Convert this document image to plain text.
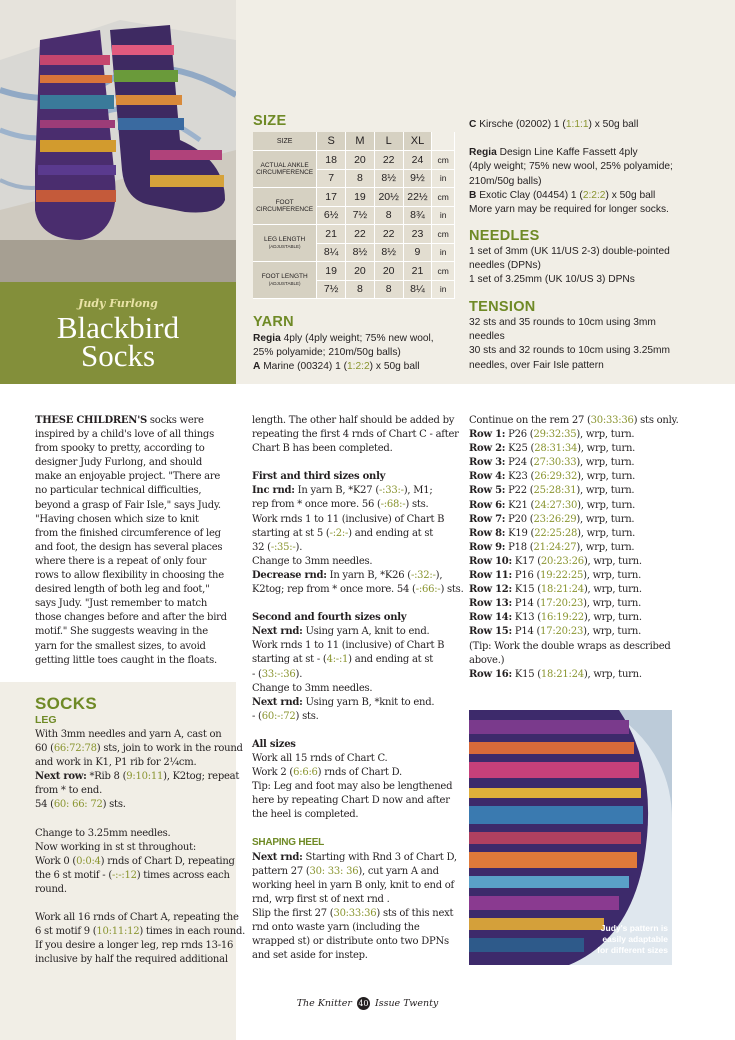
Judy Furlong
Blackbird
Socks
SIZE
SIZE	S	M	L	XL	
ACTUAL ANKLE
CIRCUMFERENCE	18	20	22	24	cm
	7	8	8½	9½	in
FOOT
CIRCUMFERENCE	17	19	20½	22½	cm
	6½	7½	8	8¾	in
LEG LENGTH
(ADJUSTABLE)	21	22	22	23	cm
	8¼	8½	8½	9	in
FOOT LENGTH
(ADJUSTABLE)	19	20	20	21	cm
	7½	8	8	8¼	in
YARN
Regia 4ply (4ply weight; 75% new wool,
25% polyamide; 210m/50g balls)
A Marine (00324) 1 (1:2:2) x 50g ball
C Kirsche (02002) 1 (1:1:1) x 50g ball
Regia Design Line Kaffe Fassett 4ply
(4ply weight; 75% new wool, 25% polyamide;
210m/50g balls)
B Exotic Clay (04454) 1 (2:2:2) x 50g ball
More yarn may be required for longer socks.
NEEDLES
1 set of 3mm (UK 11/US 2-3) double-pointed
needles (DPNs)
1 set of 3.25mm (UK 10/US 3) DPNs
TENSION
32 sts and 35 rounds to 10cm using 3mm
needles
30 sts and 32 rounds to 10cm using 3.25mm
needles, over Fair Isle pattern
THESE CHILDREN'S socks were
inspired by a child's love of all things
from spooky to pretty, according to
designer Judy Furlong, and should
make an enjoyable project. "There are
no particular technical difficulties,
beyond a grasp of Fair Isle," says Judy.
"Having chosen which size to knit
from the finished circumference of leg
and foot, the design has several places
where there is a repeat of only four
rows to allow flexibility in choosing the
desired length of both leg and foot,"
says Judy. "Just remember to match
those changes before and after the bird
motif." She suggests weaving in the
yarn for the smallest sizes, to avoid
getting little toes caught in the floats.
SOCKS
LEG
With 3mm needles and yarn A, cast on
60 (66:72:78) sts, join to work in the round
and work in K1, P1 rib for 2¼cm.
Next row: *Rib 8 (9:10:11), K2tog; repeat
from * to end.
54 (60: 66: 72) sts.
Change to 3.25mm needles.
Now working in st st throughout:
Work 0 (0:0:4) rnds of Chart D, repeating
the 6 st motif - (-:-:12) times across each
round.
Work all 16 rnds of Chart A, repeating the
6 st motif 9 (10:11:12) times in each round.
If you desire a longer leg, rep rnds 13-16
inclusive by half the required additional
length. The other half should be added by
repeating the first 4 rnds of Chart C - after
Chart B has been completed.
First and third sizes only
Inc rnd: In yarn B, *K27 (-:33:-), M1;
rep from * once more. 56 (-:68:-) sts.
Work rnds 1 to 11 (inclusive) of Chart B
starting at st 5 (-:2:-) and ending at st
32 (-:35:-).
Change to 3mm needles.
Decrease rnd: In yarn B, *K26 (-:32:-),
K2tog; rep from * once more. 54 (-:66:-) sts.
Second and fourth sizes only
Next rnd: Using yarn A, knit to end.
Work rnds 1 to 11 (inclusive) of Chart B
starting at st - (4:-:1) and ending at st
- (33:-:36).
Change to 3mm needles.
Next rnd: Using yarn B, *knit to end.
- (60:-:72) sts.
All sizes
Work all 15 rnds of Chart C.
Work 2 (6:6:6) rnds of Chart D.
Tip: Leg and foot may also be lengthened
here by repeating Chart D now and after
the heel is completed.
SHAPING HEEL
Next rnd: Starting with Rnd 3 of Chart D,
pattern 27 (30: 33: 36), cut yarn A and
working heel in yarn B only, knit to end of
rnd, wrp first st of next rnd .
Slip the first 27 (30:33:36) sts of this next
rnd onto waste yarn (including the
wrapped st) or distribute onto two DPNs
and set aside for instep.
Continue on the rem 27 (30:33:36) sts only.
Row 1: P26 (29:32:35), wrp, turn.
Row 2: K25 (28:31:34), wrp, turn.
Row 3: P24 (27:30:33), wrp, turn.
Row 4: K23 (26:29:32), wrp, turn.
Row 5: P22 (25:28:31), wrp, turn.
Row 6: K21 (24:27:30), wrp, turn.
Row 7: P20 (23:26:29), wrp, turn.
Row 8: K19 (22:25:28), wrp, turn.
Row 9: P18 (21:24:27), wrp, turn.
Row 10: K17 (20:23:26), wrp, turn.
Row 11: P16 (19:22:25), wrp, turn.
Row 12: K15 (18:21:24), wrp, turn.
Row 13: P14 (17:20:23), wrp, turn.
Row 14: K13 (16:19:22), wrp, turn.
Row 15: P14 (17:20:23), wrp, turn.
(Tip: Work the double wraps as described
above.)
Row 16: K15 (18:21:24), wrp, turn.
Judy's pattern is
easily adaptable
for different sizes
The Knitter 40 Issue Twenty
